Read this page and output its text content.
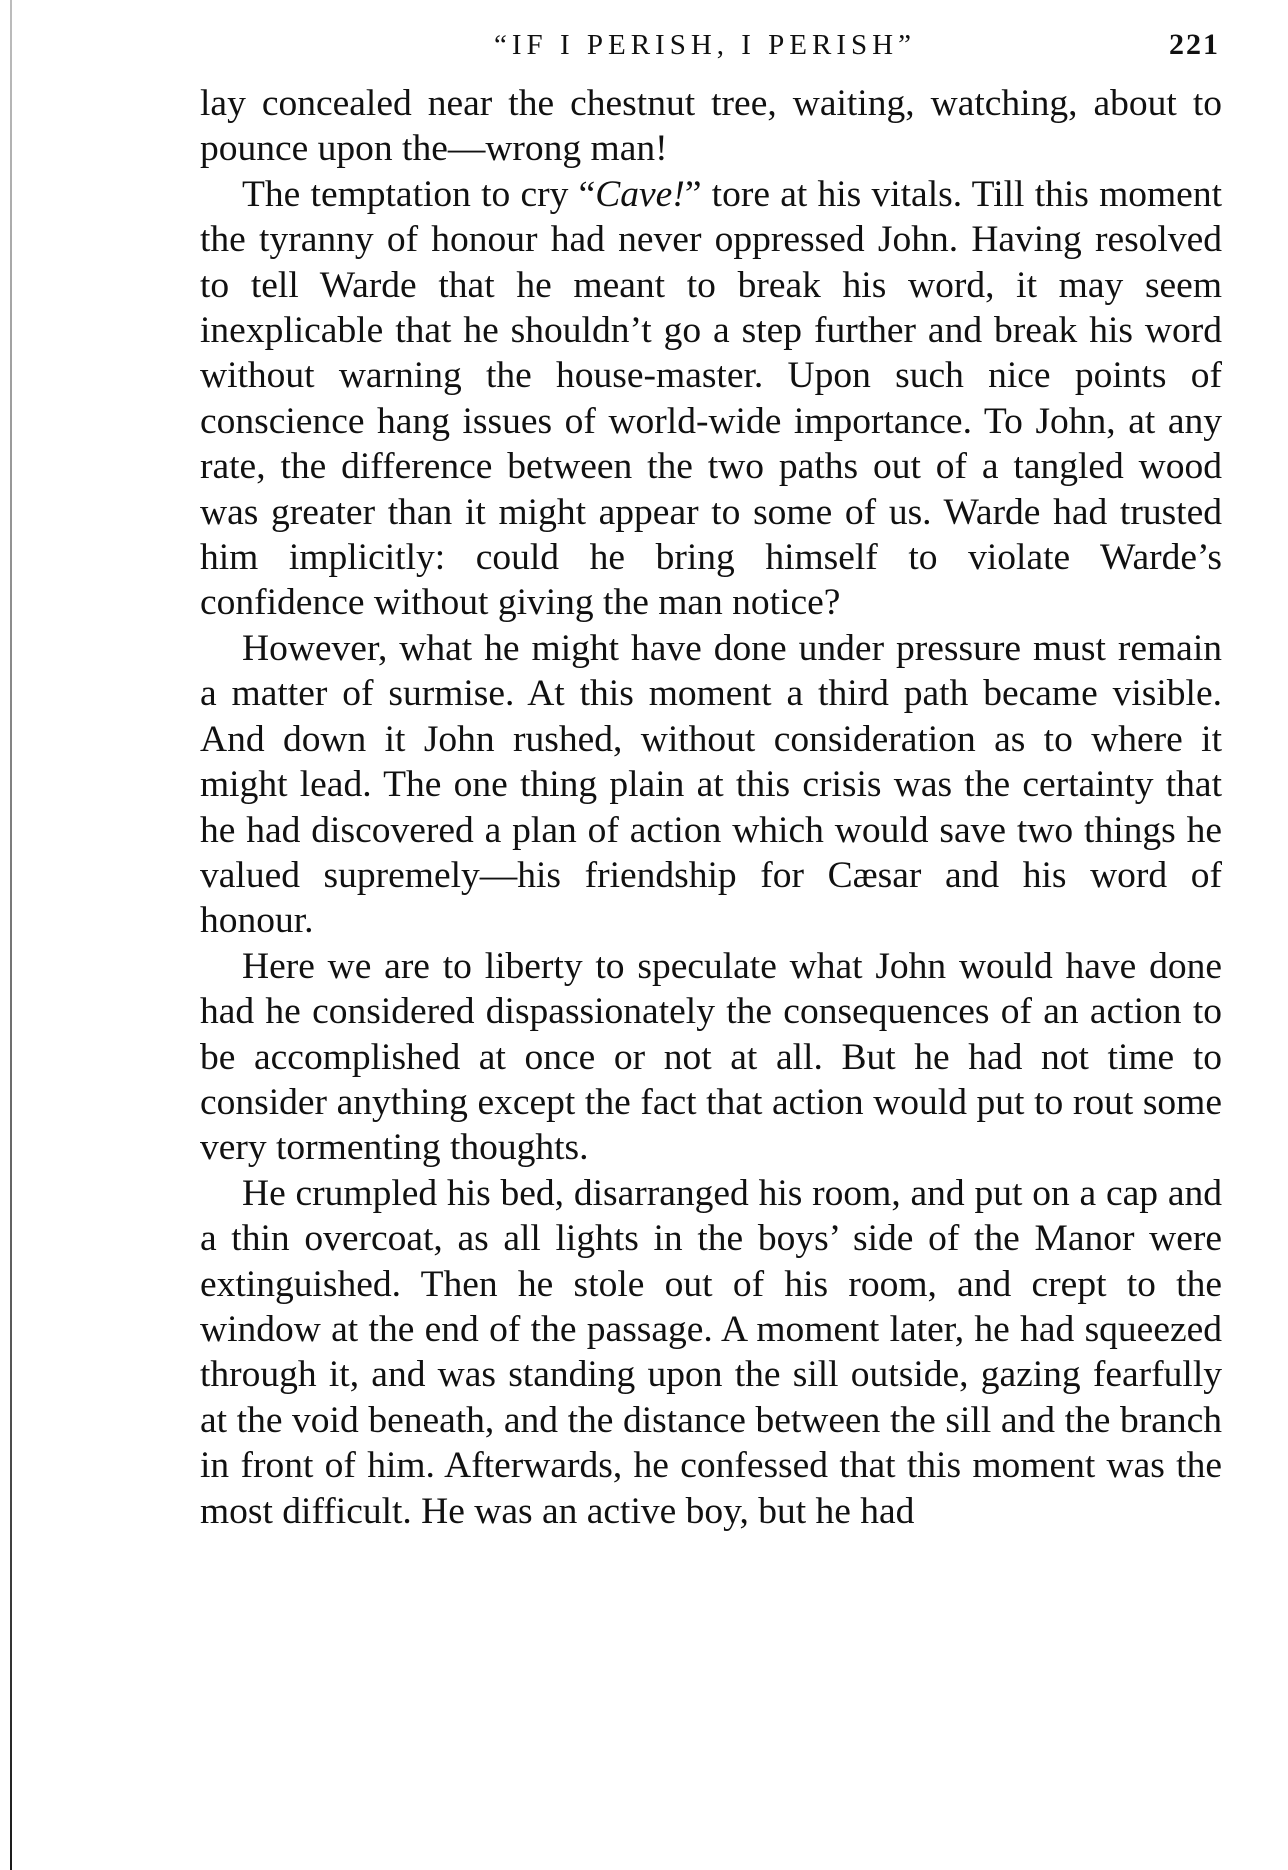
“IF I PERISH, I PERISH”	221

lay concealed near the chestnut tree, waiting, watching, about to pounce upon the—wrong man!

The temptation to cry “Cave!” tore at his vitals. Till this moment the tyranny of honour had never oppressed John. Having resolved to tell Warde that he meant to break his word, it may seem inexplicable that he shouldn’t go a step further and break his word without warning the house-master. Upon such nice points of conscience hang issues of world-wide importance. To John, at any rate, the difference between the two paths out of a tangled wood was greater than it might appear to some of us. Warde had trusted him implicitly: could he bring himself to violate Warde’s confidence without giving the man notice?

However, what he might have done under pressure must remain a matter of surmise. At this moment a third path became visible. And down it John rushed, without consideration as to where it might lead. The one thing plain at this crisis was the certainty that he had discovered a plan of action which would save two things he valued supremely—his friendship for Cæsar and his word of honour.

Here we are to liberty to speculate what John would have done had he considered dispassionately the consequences of an action to be accomplished at once or not at all. But he had not time to consider anything except the fact that action would put to rout some very tormenting thoughts.

He crumpled his bed, disarranged his room, and put on a cap and a thin overcoat, as all lights in the boys’ side of the Manor were extinguished. Then he stole out of his room, and crept to the window at the end of the passage. A moment later, he had squeezed through it, and was standing upon the sill outside, gazing fearfully at the void beneath, and the distance between the sill and the branch in front of him. Afterwards, he confessed that this moment was the most difficult. He was an active boy, but he had
